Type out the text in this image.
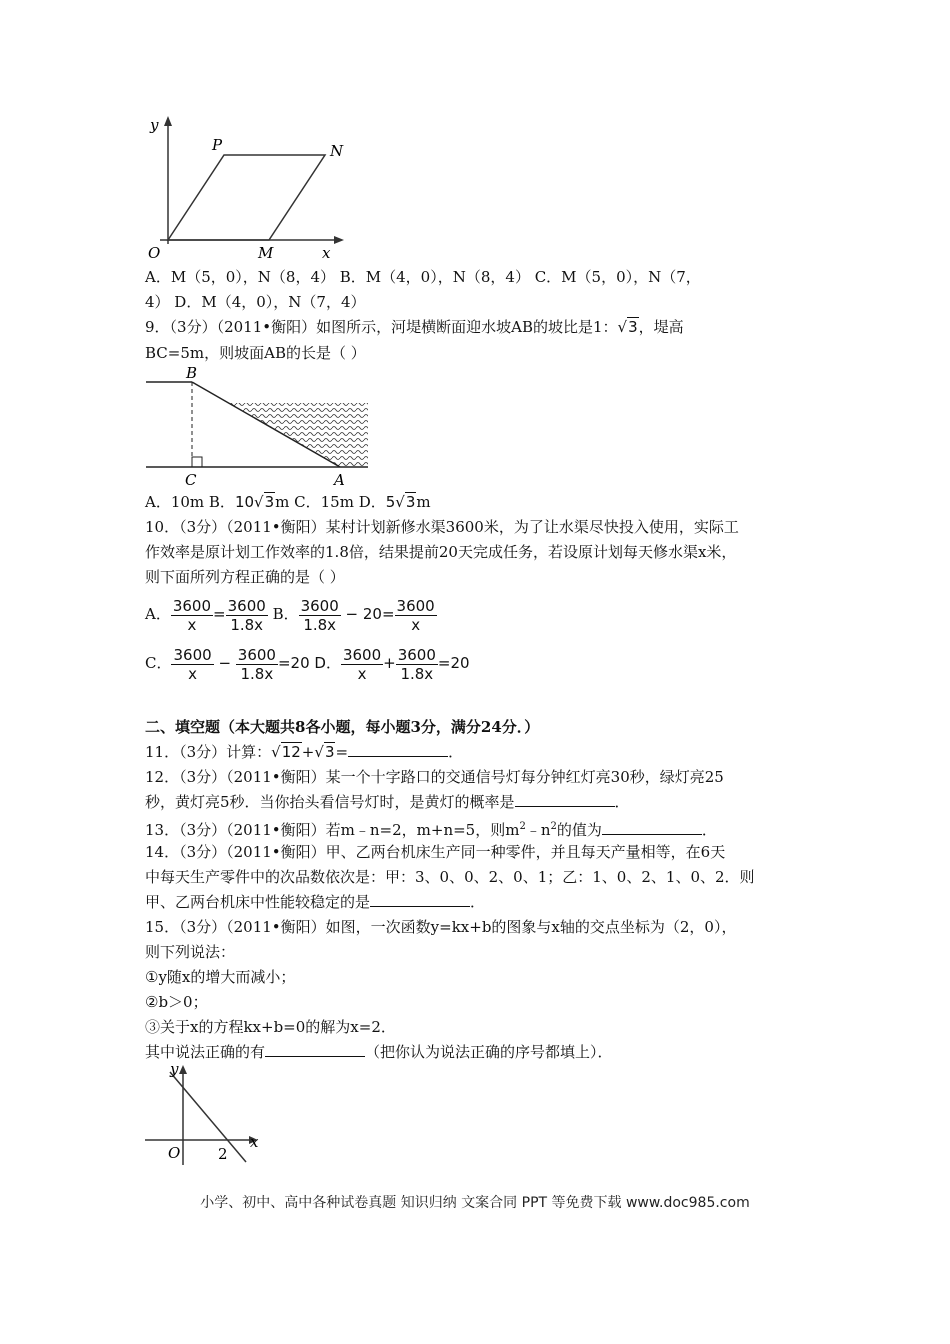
y
P	N
O	M	x
A．M（5，0），N（8，4） B．M（4，0），N（8，4） C．M（5，0），N（7，
4） D．M（4，0），N（7，4）
9．（3分）（2011•衡阳）如图所示，河堤横断面迎水坡AB的坡比是1：√3，堤高
BC=5m，则坡面AB的长是（ ）
B
C	A
A．10m B．10√3m C．15m D．5√3m
10．（3分）（2011•衡阳）某村计划新修水渠3600米，为了让水渠尽快投入使用，实际工
作效率是原计划工作效率的1.8倍，结果提前20天完成任务，若设原计划每天修水渠x米，
则下面所列方程正确的是（ ）
A． $\frac{3600}{x} = \frac{3600}{1.8x}$ B． $\frac{3600}{1.8x} - 20= \frac{3600}{x}$
C． $\frac{3600}{x} - \frac{3600}{1.8x} =20$ D． $\frac{3600}{x} + \frac{3600}{1.8x} =20$
二、填空题（本大题共8各小题，每小题3分，满分24分．）
11．（3分）计算：√12+√3=	．
12．（3分）（2011•衡阳）某一个十字路口的交通信号灯每分钟红灯亮30秒，绿灯亮25
秒，黄灯亮5秒．当你抬头看信号灯时，是黄灯的概率是	．
13．（3分）（2011•衡阳）若m﹣n=2，m+n=5，则$m^2﹣n^2$的值为	．
14．（3分）（2011•衡阳）甲、乙两台机床生产同一种零件，并且每天产量相等，在6天
中每天生产零件中的次品数依次是：甲：3、0、0、2、0、1；乙：1、0、2、1、0、2．则
甲、乙两台机床中性能较稳定的是	．
15．（3分）（2011•衡阳）如图，一次函数y=kx+b的图象与x轴的交点坐标为（2，0），
则下列说法：
①y随x的增大而减小；
②b＞0；
③关于x的方程kx+b=0的解为x=2．
其中说法正确的有	（把你认为说法正确的序号都填上）．
y
x
O	2
小学、初中、高中各种试卷真题 知识归纳 文案合同 PPT 等免费下载 www.doc985.com
